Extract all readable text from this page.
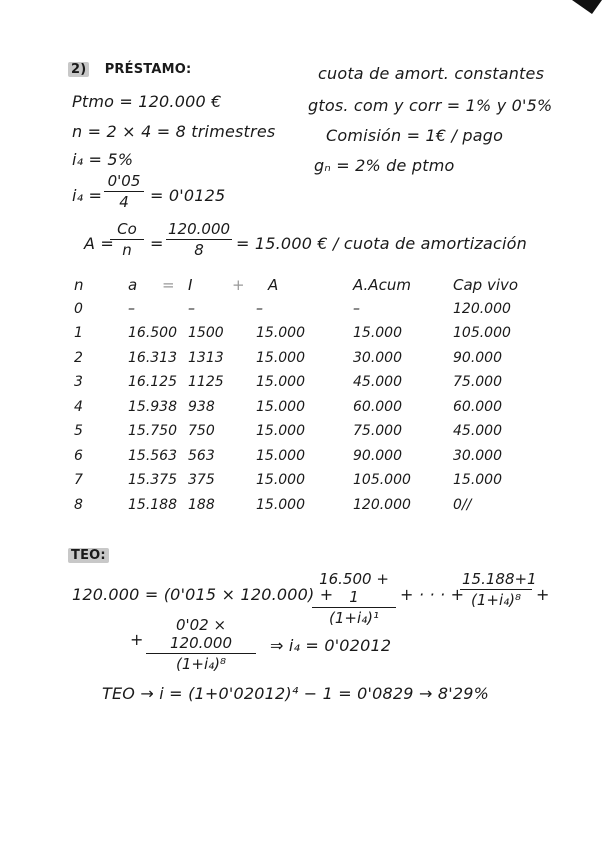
2) PRÉSTAMO:
Ptmo = 120.000 €
n = 2 × 4 = 8 trimestres
i₄ = 5%
i₄ =
0'05
4	= 0'0125
cuota de amort. constantes
gtos. com y corr = 1% y 0'5%
Comisión = 1€ / pago
gₙ = 2% de ptmo
A =
Co
n	=
120.000
8	= 15.000 € / cuota de amortización
n	a = I	+ A	A.Acum	Cap vivo
0	–	–	–	–	120.000
1	16.500 1500 15.000	15.000	105.000
2	16.313 1313 15.000	30.000	90.000
3	16.125 1125 15.000	45.000	75.000
4	15.938 938	15.000	60.000	60.000
5	15.750 750	15.000	75.000	45.000
6	15.563 563	15.000	90.000	30.000
7	15.375 375	15.000	105.000	15.000
8	15.188 188	15.000	120.000	0//
TEO:
120.000 = (0'015 × 120.000) +
16.500 + 1
(1+i₄)¹
+ · · · +
15.188+1
(1+i₄)⁸ +
+
0'02 × 120.000
(1+i₄)⁸
⇒ i₄ = 0'02012
TEO → i = (1+0'02012)⁴ − 1 = 0'0829 → 8'29%
